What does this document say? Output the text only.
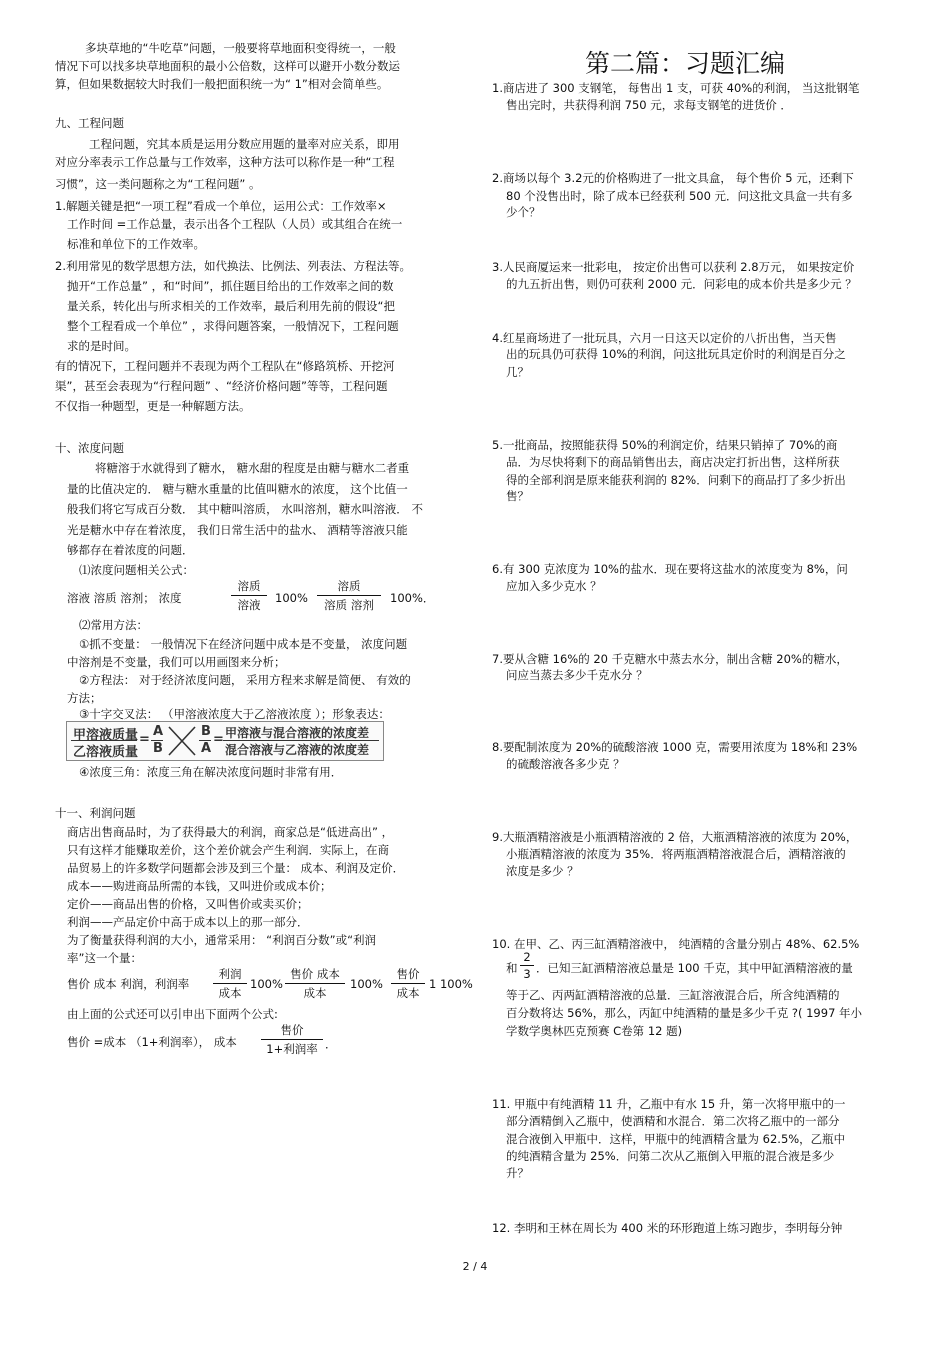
多块草地的“牛吃草”问题，一般要将草地面积变得统一，一般
情况下可以找多块草地面积的最小公倍数，这样可以避开小数分数运
算，但如果数据较大时我们一般把面积统一为“ 1”相对会简单些。
九、工程问题
工程问题，究其本质是运用分数应用题的量率对应关系，即用
对应分率表示工作总量与工作效率，这种方法可以称作是一种“工程
习惯”，这一类问题称之为“工程问题” 。
1.解题关键是把“一项工程”看成一个单位，运用公式：工作效率×
工作时间 =工作总量，表示出各个工程队（人员）或其组合在统一
标准和单位下的工作效率。
2.利用常见的数学思想方法，如代换法、比例法、列表法、方程法等。
抛开“工作总量” ，和“时间”，抓住题目给出的工作效率之间的数
量关系，转化出与所求相关的工作效率，最后利用先前的假设“把
整个工程看成一个单位” ，求得问题答案，一般情况下，工程问题
求的是时间。
有的情况下，工程问题并不表现为两个工程队在“修路筑桥、开挖河
渠”，甚至会表现为“行程问题” 、“经济价格问题”等等，工程问题
不仅指一种题型，更是一种解题方法。
十、浓度问题
将糖溶于水就得到了糖水， 糖水甜的程度是由糖与糖水二者重
量的比值决定的． 糖与糖水重量的比值叫糖水的浓度， 这个比值一
般我们将它写成百分数． 其中糖叫溶质， 水叫溶剂，糖水叫溶液． 不
光是糖水中存在着浓度， 我们日常生活中的盐水、 酒精等溶液只能
够都存在着浓度的问题．
⑴浓度问题相关公式：
溶液 溶质 溶剂； 浓度
溶质
溶液	100%
溶质
溶质 溶剂	100%．
⑵常用方法：
①抓不变量： 一般情况下在经济问题中成本是不变量， 浓度问题
中溶剂是不变量，我们可以用画图来分析；
②方程法： 对于经济浓度问题， 采用方程来求解是简便、 有效的
方法；
③十字交叉法： （甲溶液浓度大于乙溶液浓度 ）；形象表达：
甲溶液质量
乙溶液质量
=
A
B
B
A
= 甲溶液与混合溶液的浓度差
混合溶液与乙溶液的浓度差
④浓度三角：浓度三角在解决浓度问题时非常有用．
十一、利润问题
商店出售商品时，为了获得最大的利润，商家总是“低进高出” ，
只有这样才能赚取差价，这个差价就会产生利润．实际上，在商
品贸易上的许多数学问题都会涉及到三个量： 成本、利润及定价．
成本——购进商品所需的本钱，又叫进价或成本价；
定价——商品出售的价格，又叫售价或卖买价；
利润——产品定价中高于成本以上的那一部分．
为了衡量获得利润的大小，通常采用： “利润百分数”或“利润
率”这一个量：
售价 成本 利润，利润率
利润
成本
100%
售价 成本
成本
100%
售价
成本
1 100%
由上面的公式还可以引申出下面两个公式:
售价 =成本 （1+利润率）， 成本
售价
1+利润率 ．
第二篇：习题汇编
1.商店进了 300 支钢笔， 每售出 1 支，可获 40%的利润， 当这批钢笔
售出完时，共获得利润 750 元，求每支钢笔的进货价 ．
2.商场以每个 3.2元的价格购进了一批文具盒， 每个售价 5 元，还剩下
80 个没售出时，除了成本已经获利 500 元．问这批文具盒一共有多
少个？
3.人民商厦运来一批彩电， 按定价出售可以获利 2.8万元， 如果按定价
的九五折出售，则仍可获利 2000 元．问彩电的成本价共是多少元 ？
4.红星商场进了一批玩具，六月一日这天以定价的八折出售，当天售
出的玩具仍可获得 10%的利润，问这批玩具定价时的利润是百分之
几？
5.一批商品，按照能获得 50%的利润定价，结果只销掉了 70%的商
品．为尽快将剩下的商品销售出去，商店决定打折出售，这样所获
得的全部利润是原来能获利润的 82%．问剩下的商品打了多少折出
售？
6.有 300 克浓度为 10%的盐水．现在要将这盐水的浓度变为 8%，问
应加入多少克水 ？
7.要从含糖 16%的 20 千克糖水中蒸去水分，制出含糖 20%的糖水，
问应当蒸去多少千克水分 ？
8.要配制浓度为 20%的硫酸溶液 1000 克，需要用浓度为 18%和 23%
的硫酸溶液各多少克 ？
9.大瓶酒精溶液是小瓶酒精溶液的 2 倍，大瓶酒精溶液的浓度为 20%，
小瓶酒精溶液的浓度为 35%．将两瓶酒精溶液混合后，酒精溶液的
浓度是多少 ？
10. 在甲、乙、丙三缸酒精溶液中， 纯酒精的含量分别占 48%、62.5%
和
2
3 ．已知三缸酒精溶液总量是 100 千克，其中甲缸酒精溶液的量
等于乙、丙两缸酒精溶液的总量．三缸溶液混合后，所含纯酒精的
百分数将达 56%，那么，丙缸中纯酒精的量是多少千克 ?( 1997 年小
学数学奥林匹克预赛 C卷第 12 题)
11. 甲瓶中有纯酒精 11 升，乙瓶中有水 15 升，第一次将甲瓶中的一
部分酒精倒入乙瓶中，使酒精和水混合．第二次将乙瓶中的一部分
混合液倒入甲瓶中．这样，甲瓶中的纯酒精含量为 62.5%，乙瓶中
的纯酒精含量为 25%．问第二次从乙瓶倒入甲瓶的混合液是多少
升？
12. 李明和王林在周长为 400 米的环形跑道上练习跑步，李明每分钟
2 / 4
